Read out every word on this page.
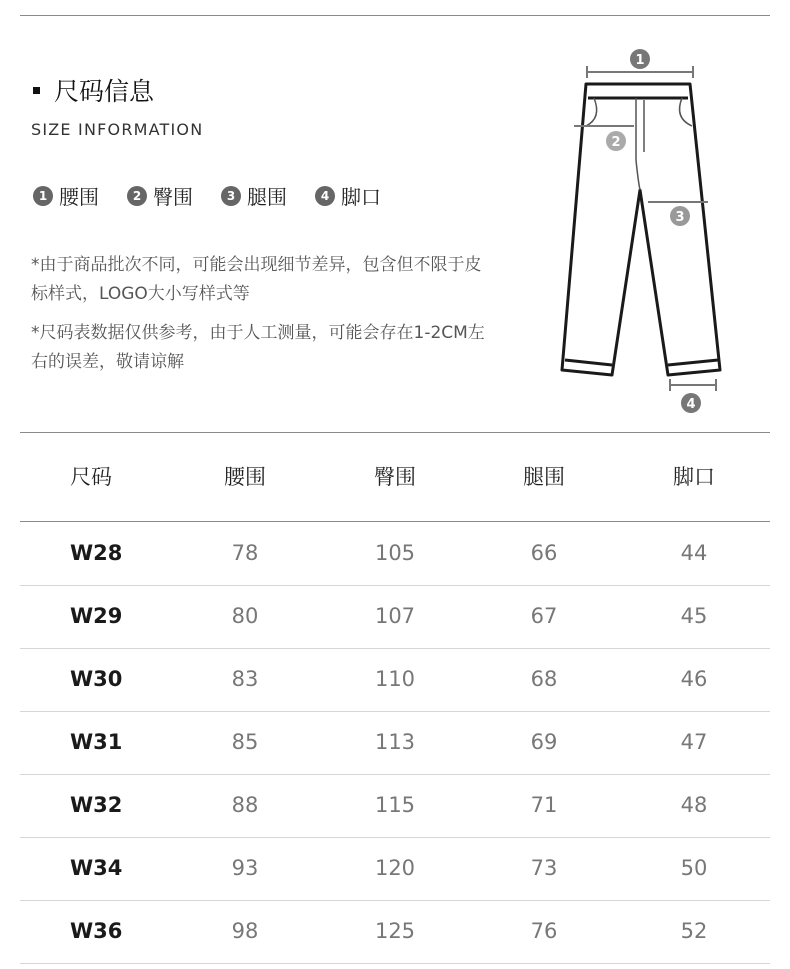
尺码信息
SIZE INFORMATION
1 腰围	2 臀围	3 腿围	4 脚口
*由于商品批次不同，可能会出现细节差异，包含但不限于皮标样式，LOGO大小写样式等
*尺码表数据仅供参考，由于人工测量，可能会存在1-2CM左右的误差，敬请谅解
1
2
3
4
尺码	腰围	臀围	腿围	脚口
W28	78	105	66	44
W29	80	107	67	45
W30	83	110	68	46
W31	85	113	69	47
W32	88	115	71	48
W34	93	120	73	50
W36	98	125	76	52
